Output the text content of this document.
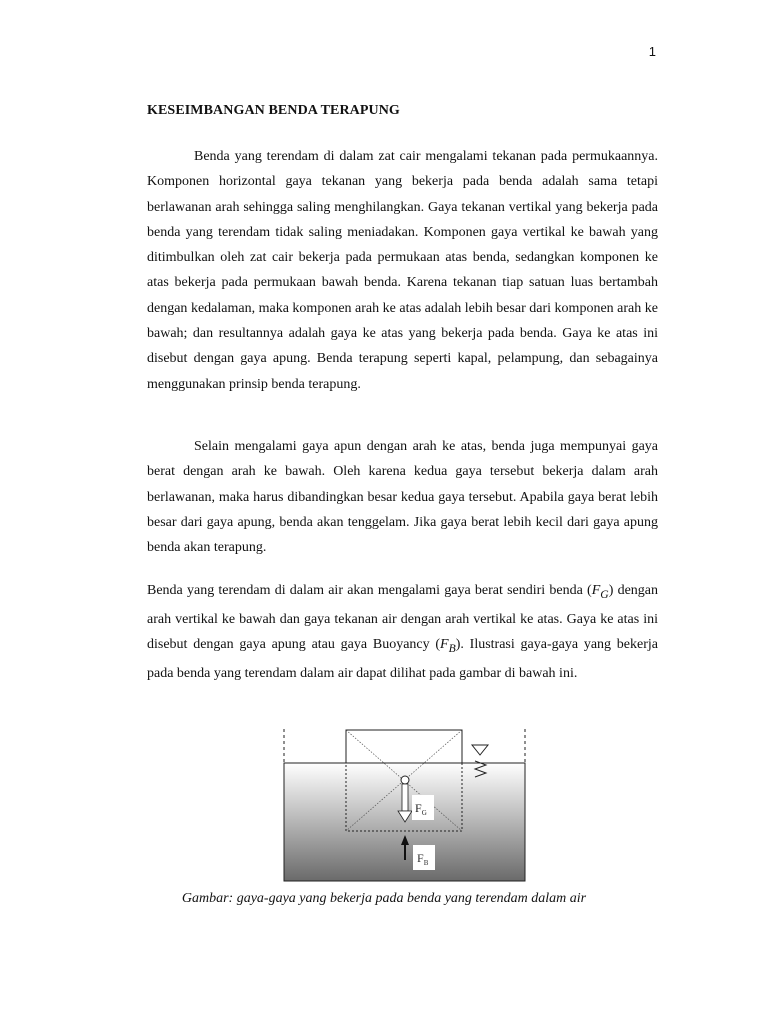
1
KESEIMBANGAN BENDA TERAPUNG

Benda yang terendam di dalam zat cair mengalami tekanan pada permukaannya. Komponen horizontal gaya tekanan yang bekerja pada benda adalah sama tetapi berlawanan arah sehingga saling menghilangkan. Gaya tekanan vertikal yang bekerja pada benda yang terendam tidak saling meniadakan. Komponen gaya vertikal ke bawah yang ditimbulkan oleh zat cair bekerja pada permukaan atas benda, sedangkan komponen ke atas bekerja pada permukaan bawah benda. Karena tekanan tiap satuan luas bertambah dengan kedalaman, maka komponen arah ke atas adalah lebih besar dari komponen arah ke bawah; dan resultannya adalah gaya ke atas yang bekerja pada benda. Gaya ke atas ini disebut dengan gaya apung. Benda terapung seperti kapal, pelampung, dan sebagainya menggunakan prinsip benda terapung.

Selain mengalami gaya apun dengan arah ke atas, benda juga mempunyai gaya berat dengan arah ke bawah. Oleh karena kedua gaya tersebut bekerja dalam arah berlawanan, maka harus dibandingkan besar kedua gaya tersebut. Apabila gaya berat lebih besar dari gaya apung, benda akan tenggelam. Jika gaya berat lebih kecil dari gaya apung benda akan terapung.

Benda yang terendam di dalam air akan mengalami gaya berat sendiri benda $(F_G)$ dengan arah vertikal ke bawah dan gaya tekanan air dengan arah vertikal ke atas. Gaya ke atas ini disebut dengan gaya apung atau gaya Buoyancy $(F_B)$. Ilustrasi gaya-gaya yang bekerja pada benda yang terendam dalam air dapat dilihat pada gambar di bawah ini.

$F_G$
$F_B$
Gambar: gaya-gaya yang bekerja pada benda yang terendam dalam air
